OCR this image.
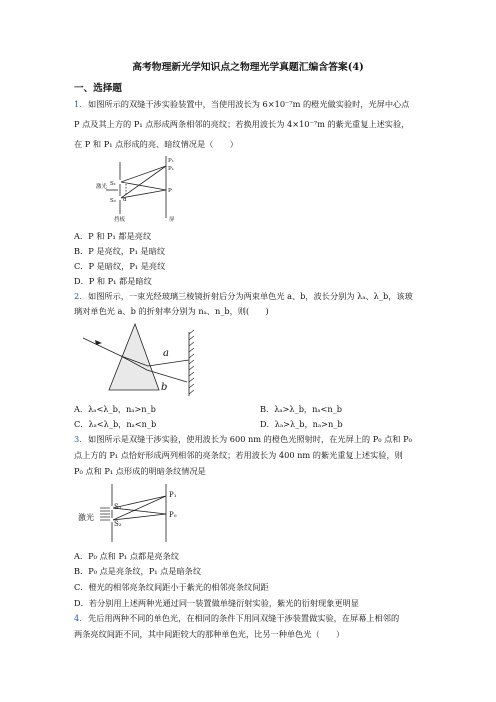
高考物理新光学知识点之物理光学真题汇编含答案(4)
一、选择题
1. 如图所示的双缝干涉实验装置中，当使用波长为 6×10⁻⁷m 的橙光做实验时，光屏中心点
P 点及其上方的 P₁ 点形成两条相邻的亮纹；若换用波长为 4×10⁻⁷m 的紫光重复上述实验，
在 P 和 P₁ 点形成的亮、暗纹情况是（　　）
P₁
P₁
P
S₁
S₂ d
激光
挡板	屏
A．P 和 P₁ 都是亮纹
B．P 是亮纹，P₁ 是暗纹
C．P 是暗纹，P₁ 是亮纹
D．P 和 P₁ 都是暗纹
2. 如图所示，一束光经玻璃三棱镜折射后分为两束单色光 a、b，波长分别为 λₐ、λ_b，该玻
璃对单色光 a、b 的折射率分别为 nₐ、n_b，则(　　)
a
b
A．λₐ<λ_b，nₐ>n_b	B．λₐ>λ_b，nₐ<n_b
C．λₐ<λ_b，nₐ<n_b	D．λₐ>λ_b，nₐ>n_b
3. 如图所示是双缝干涉实验，使用波长为 600 nm 的橙色光照射时，在光屏上的 P₀ 点和 P₀
点上方的 P₁ 点恰好形成两列相邻的亮条纹；若用波长为 400 nm 的紫光重复上述实验，则
P₀ 点和 P₁ 点形成的明暗条纹情况是
P₁
P₀
S₁
S₂
激光
A．P₀ 点和 P₁ 点都是亮条纹
B．P₀ 点是亮条纹，P₁ 点是暗条纹
C．橙光的相邻亮条纹间距小于紫光的相邻亮条纹间距
D．若分别用上述两种光通过同一装置做单缝衍射实验，紫光的衍射现象更明显
4. 先后用两种不同的单色光，在相同的条件下用同双缝干涉装置做实验，在屏幕上相邻的
两条亮纹间距不同，其中间距较大的那种单色光，比另一种单色光（　　）
